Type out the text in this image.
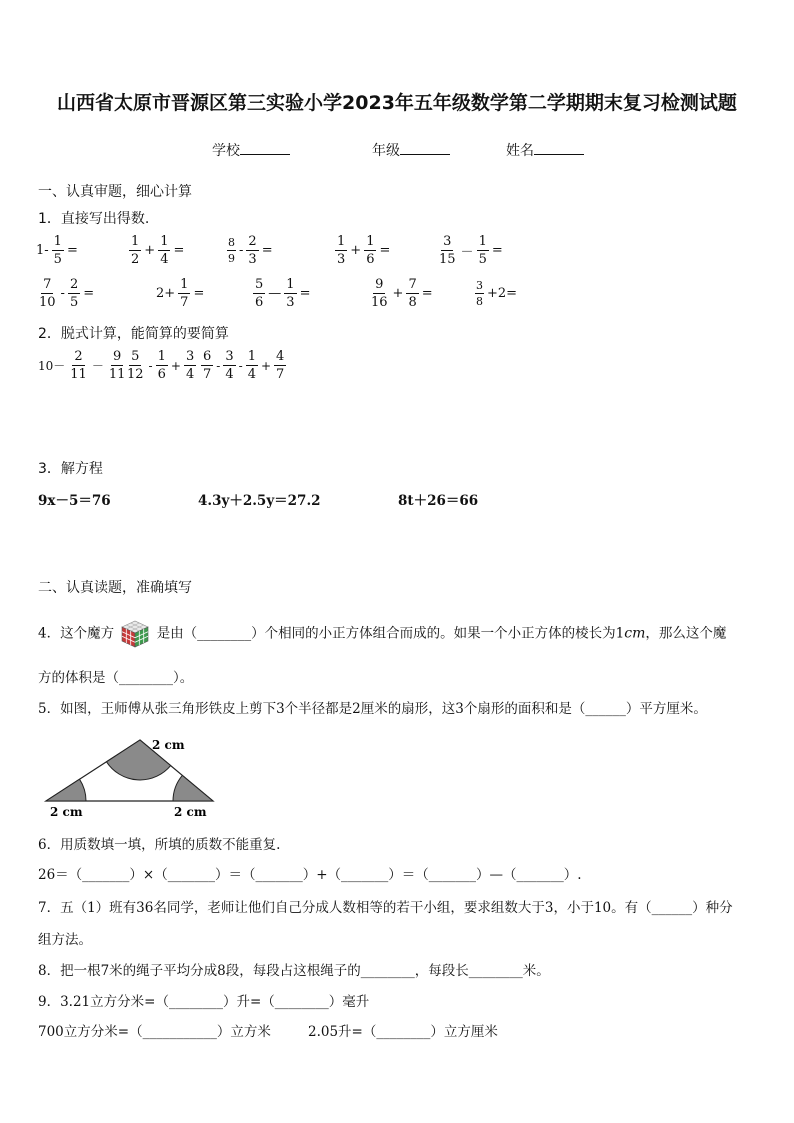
山西省太原市晋源区第三实验小学2023年五年级数学第二学期期末复习检测试题
学校	年级	姓名
一、认真审题，细心计算
1．直接写出得数.
$1- \frac{1}{5}$ =	$\frac{1}{2} + \frac{1}{4}$ =	$\frac{8}{9} - \frac{2}{3}$ =	$\frac{1}{3} + \frac{1}{6}$ =	$\frac{3}{15} - \frac{1}{5}$ =
$\frac{7}{10} - \frac{2}{5}$ =	$2+ \frac{1}{7}$ =	$\frac{5}{6}$ — $\frac{1}{3}$ =	$\frac{9}{16} + \frac{7}{8}$ =	$\frac{3}{8} +2=$
2．脱式计算，能简算的要简算
$10- \frac{2}{11} - \frac{9}{11}$
$\frac{5}{12} - \frac{1}{6} + \frac{3}{4} \frac{6}{7} - \frac{3}{4} - \frac{1}{4} + \frac{4}{7}$
3．解方程
9x－5＝76	4.3y＋2.5y＝27.2	8t＋26＝66
二、认真读题，准确填写
4．这个魔方	是由（________）个相同的小正方体组合而成的。如果一个小正方体的棱长为1cm，那么这个魔
方的体积是（________）。
5．如图，王师傅从张三角形铁皮上剪下3个半径都是2厘米的扇形，这3个扇形的面积和是（______）平方厘米。
2 cm
2 cm	2 cm
6．用质数填一填，所填的质数不能重复.
26＝（_______）×（_______）＝（_______）+（_______）＝（_______）—（_______）.
7．五（1）班有36名同学，老师让他们自己分成人数相等的若干小组，要求组数大于3，小于10。有（______）种分
组方法。
8．把一根7米的绳子平均分成8段，每段占这根绳子的________，每段长________米。
9．3.21立方分米=（________）升=（________）毫升
700立方分米=（___________）立方米	2.05升=（________）立方厘米
